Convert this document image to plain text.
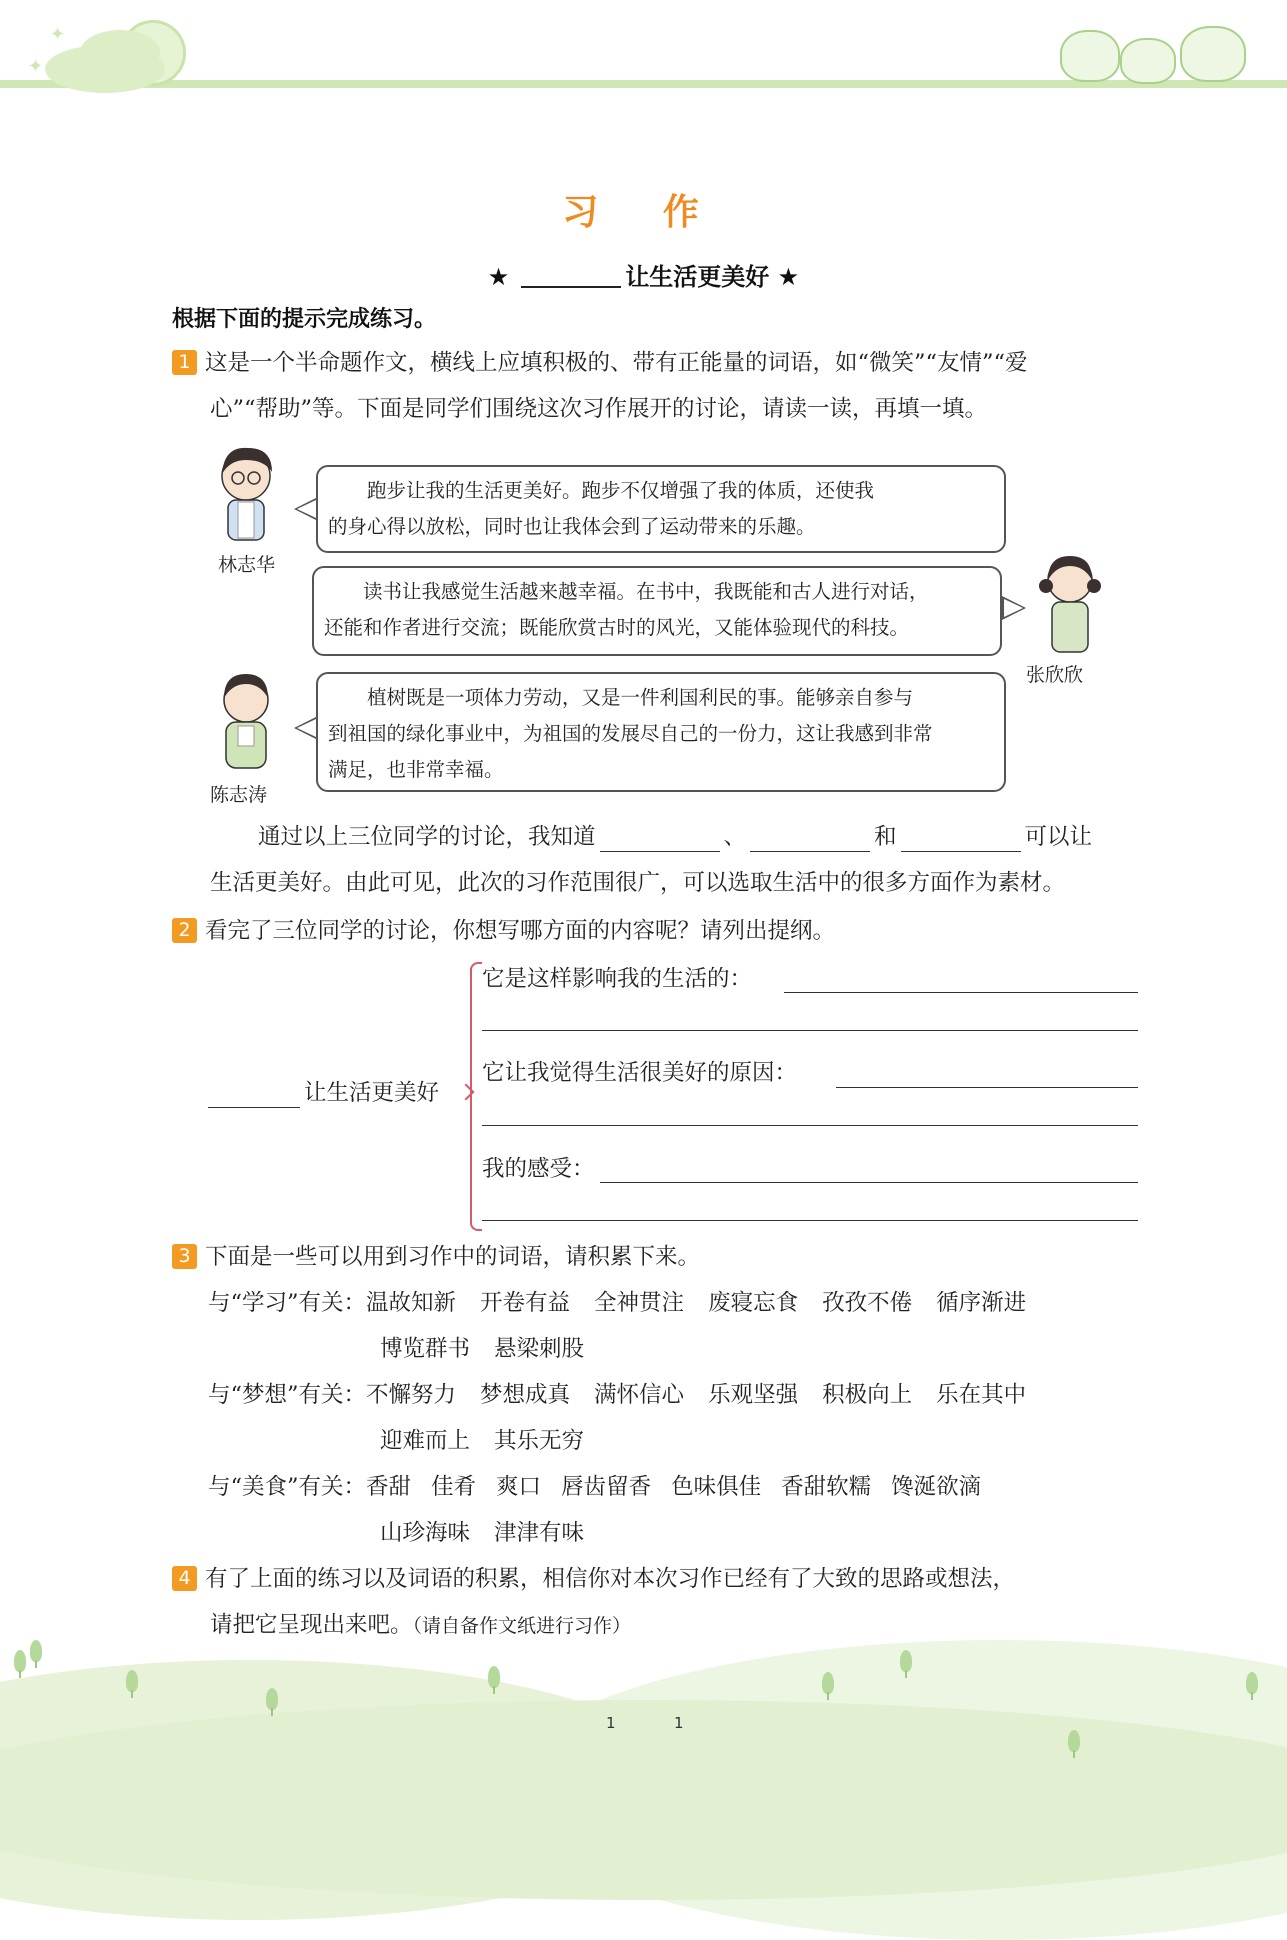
✦
✦
习 作
★	让生活更美好 ★
根据下面的提示完成练习。
1 这是一个半命题作文，横线上应填积极的、带有正能量的词语，如“微笑”“友情”“爱
心”“帮助”等。下面是同学们围绕这次习作展开的讨论，请读一读，再填一填。
林志华
跑步让我的生活更美好。跑步不仅增强了我的体质，还使我
的身心得以放松，同时也让我体会到了运动带来的乐趣。
张欣欣
读书让我感觉生活越来越幸福。在书中，我既能和古人进行对话，
还能和作者进行交流；既能欣赏古时的风光，又能体验现代的科技。
陈志涛
植树既是一项体力劳动，又是一件利国利民的事。能够亲自参与
到祖国的绿化事业中，为祖国的发展尽自己的一份力，这让我感到非常
满足，也非常幸福。
通过以上三位同学的讨论，我知道	、	和	可以让
生活更美好。由此可见，此次的习作范围很广，可以选取生活中的很多方面作为素材。
2 看完了三位同学的讨论，你想写哪方面的内容呢？请列出提纲。
让生活更美好
它是这样影响我的生活的：
它让我觉得生活很美好的原因：
我的感受：
3 下面是一些可以用到习作中的词语，请积累下来。
与“学习”有关：温故知新 开卷有益 全神贯注 废寝忘食 孜孜不倦 循序渐进
博览群书 悬梁刺股
与“梦想”有关：不懈努力 梦想成真 满怀信心 乐观坚强 积极向上 乐在其中
迎难而上 其乐无穷
与“美食”有关：香甜 佳肴 爽口 唇齿留香 色味俱佳 香甜软糯 馋涎欲滴
山珍海味 津津有味
4 有了上面的练习以及词语的积累，相信你对本次习作已经有了大致的思路或想法，
请把它呈现出来吧。（请自备作文纸进行习作）
1	1
